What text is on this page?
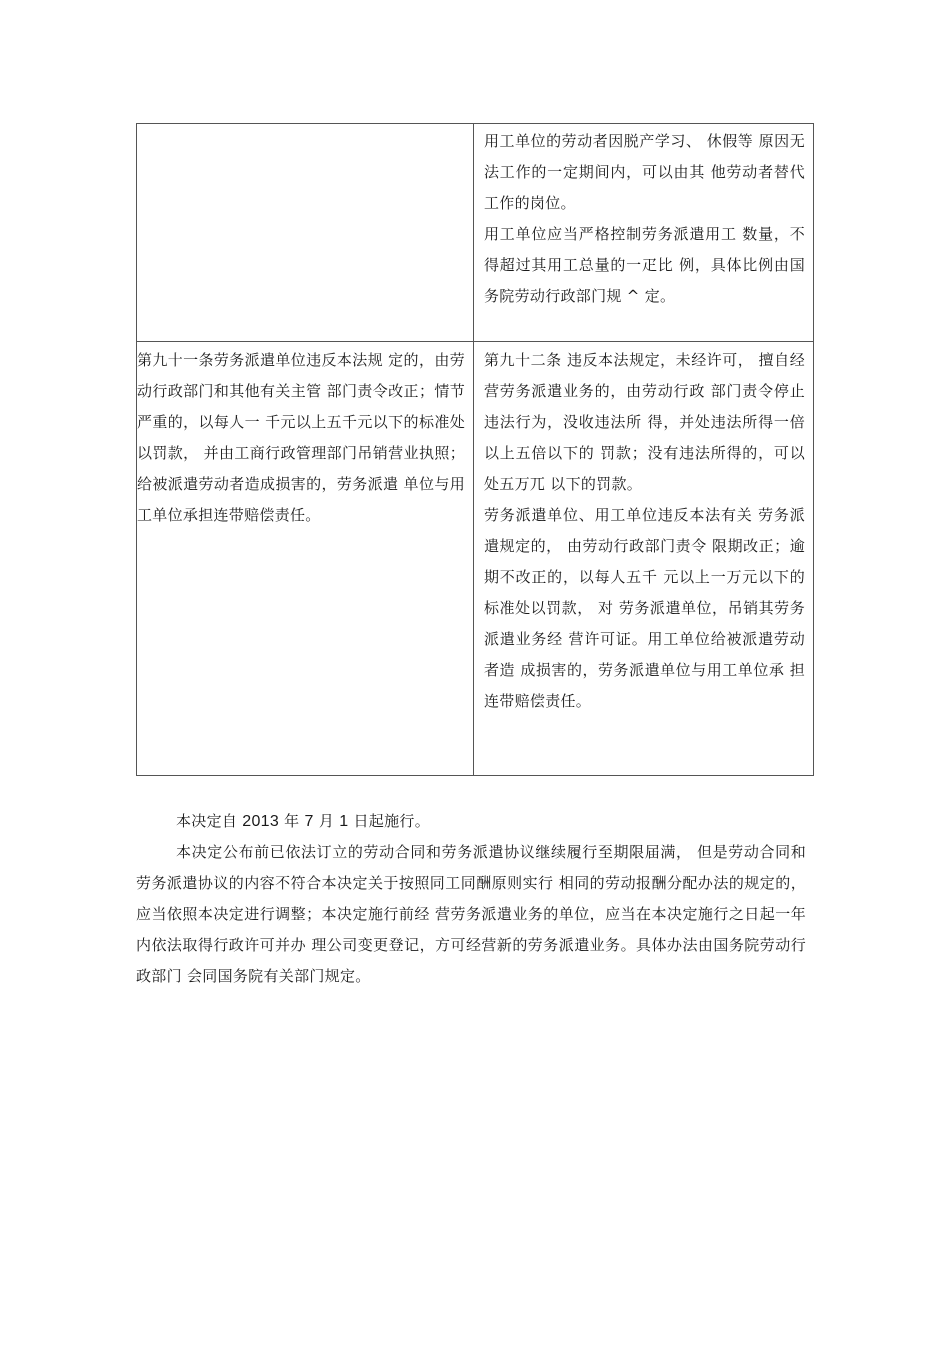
	用工单位的劳动者因脱产学习、 休假等 原因无法工作的一定期间内，可以由其 他劳动者替代工作的岗位。

用工单位应当严格控制劳务派遣用工 数量，不得超过其用工总量的一疋比 例，具体比例由国务院劳动行政部门规 ^ 定。

第九十一条劳务派遣单位违反本法规 定的，由劳动行政部门和其他有关主管 部门责令改正；情节严重的，以每人一 千元以上五千元以下的标准处以罚款， 并由工商行政管理部门吊销营业执照； 给被派遣劳动者造成损害的，劳务派遣 单位与用工单位承担连带赔偿责任。	第九十二条 违反本法规定，未经许可， 擅自经营劳务派遣业务的，由劳动行政 部门责令停止违法行为，没收违法所 得，并处违法所得一倍以上五倍以下的 罚款；没有违法所得的，可以处五万兀 以下的罚款。

劳务派遣单位、用工单位违反本法有关 劳务派遣规定的， 由劳动行政部门责令 限期改正；逾期不改正的，以每人五千 元以上一万元以下的标准处以罚款， 对 劳务派遣单位，吊销其劳务派遣业务经 营许可证。用工单位给被派遣劳动者造 成损害的，劳务派遣单位与用工单位承 担连带赔偿责任。

本决定自 2013 年 7 月 1 日起施行。

本决定公布前已依法订立的劳动合同和劳务派遣协议继续履行至期限届满， 但是劳动合同和劳务派遣协议的内容不符合本决定关于按照同工同酬原则实行 相同的劳动报酬分配办法的规定的，应当依照本决定进行调整；本决定施行前经 营劳务派遣业务的单位，应当在本决定施行之日起一年内依法取得行政许可并办 理公司变更登记，方可经营新的劳务派遣业务。具体办法由国务院劳动行政部门 会同国务院有关部门规定。
